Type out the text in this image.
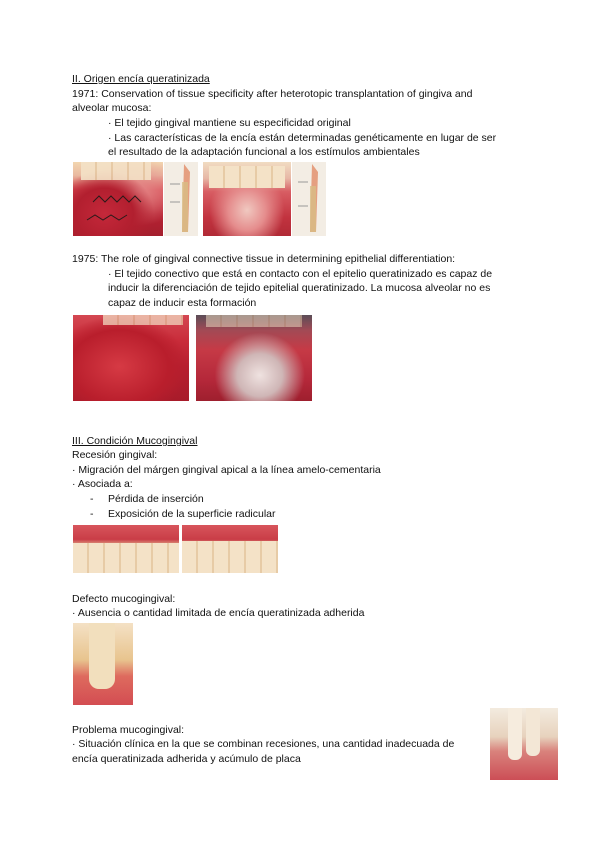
II. Origen encía queratinizada
1971: Conservation of tissue specificity after heterotopic transplantation of gingiva and
alveolar mucosa:
· El tejido gingival mantiene su especificidad original
· Las características de la encía están determinadas genéticamente en lugar de ser
el resultado de la adaptación funcional a los estímulos ambientales
1975: The role of gingival connective tissue in determining epithelial differentiation:
· El tejido conectivo que está en contacto con el epitelio queratinizado es capaz de
inducir la diferenciación de tejido epitelial queratinizado. La mucosa alveolar no es
capaz de inducir esta formación
III. Condición Mucogingival
Recesión gingival:
· Migración del márgen gingival apical a la línea amelo-cementaria
· Asociada a:
- Pérdida de inserción
- Exposición de la superficie radicular
Defecto mucogingival:
· Ausencia o cantidad limitada de encía queratinizada adherida
Problema mucogingival:
· Situación clínica en la que se combinan recesiones, una cantidad inadecuada de
encía queratinizada adherida y acúmulo de placa
